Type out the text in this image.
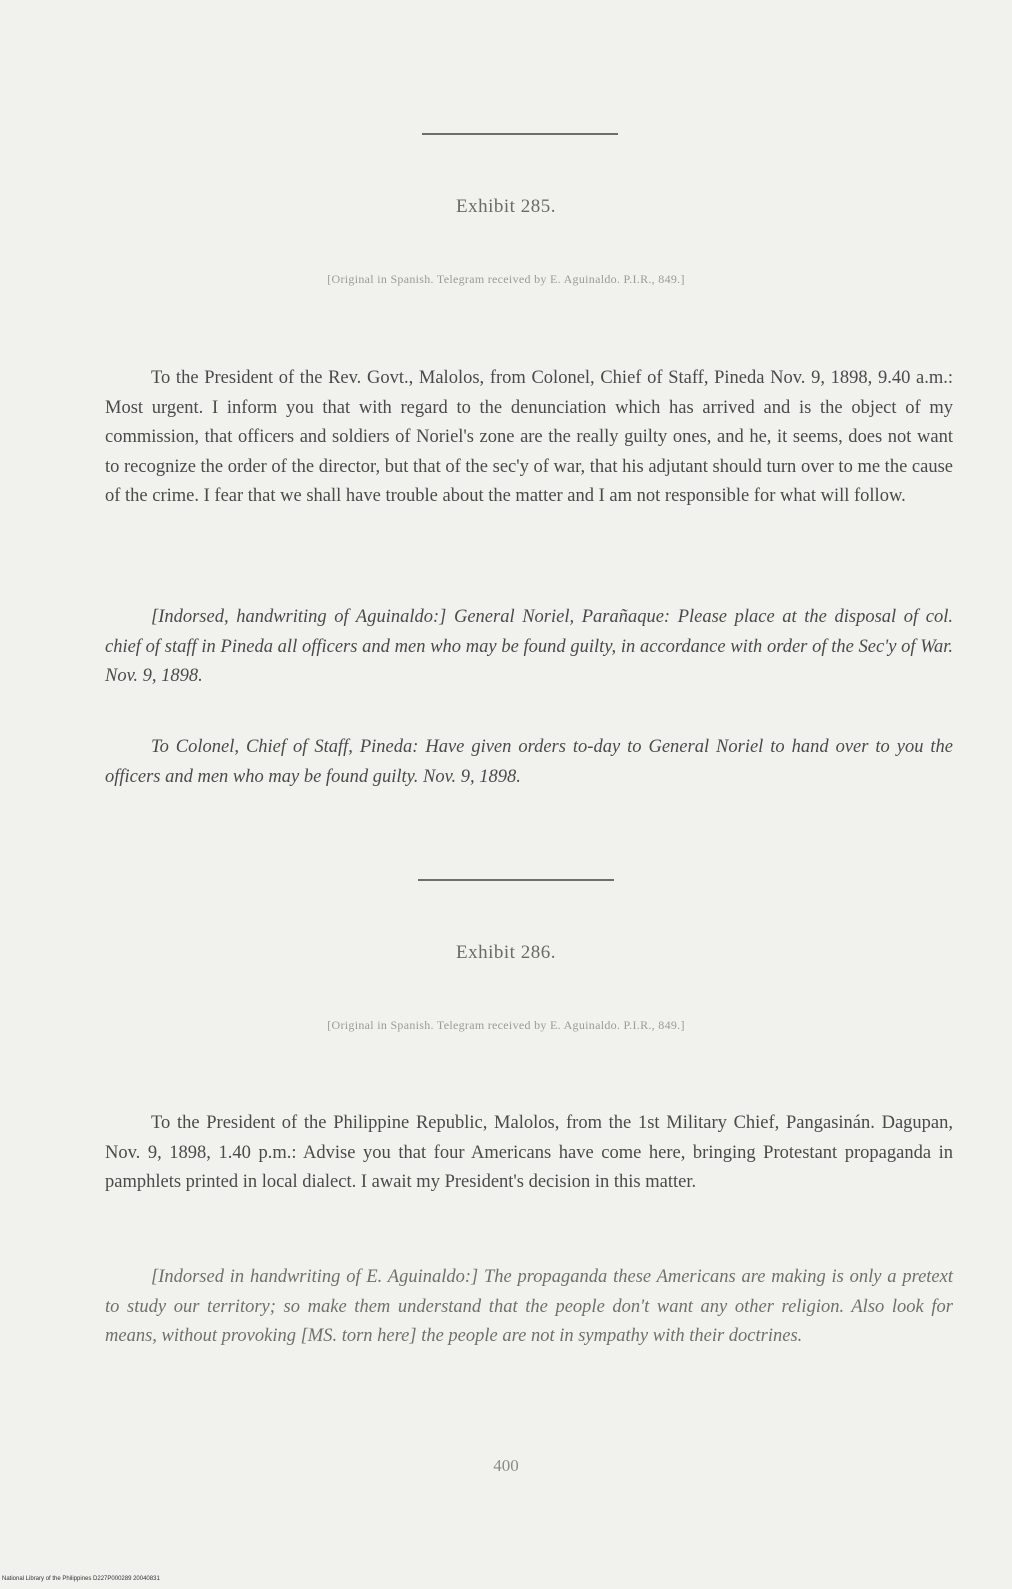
Exhibit 285.
[Original in Spanish. Telegram received by E. Aguinaldo. P.I.R., 849.]

To the President of the Rev. Govt., Malolos, from Colonel, Chief of Staff, Pineda Nov. 9, 1898, 9.40 a.m.: Most urgent. I inform you that with regard to the denunciation which has arrived and is the object of my commission, that officers and soldiers of Noriel's zone are the really guilty ones, and he, it seems, does not want to recognize the order of the director, but that of the sec'y of war, that his adjutant should turn over to me the cause of the crime. I fear that we shall have trouble about the matter and I am not responsible for what will follow.

[Indorsed, handwriting of Aguinaldo:] General Noriel, Parañaque: Please place at the disposal of col. chief of staff in Pineda all officers and men who may be found guilty, in accordance with order of the Sec'y of War. Nov. 9, 1898.

To Colonel, Chief of Staff, Pineda: Have given orders to-day to General Noriel to hand over to you the officers and men who may be found guilty. Nov. 9, 1898.

Exhibit 286.
[Original in Spanish. Telegram received by E. Aguinaldo. P.I.R., 849.]

To the President of the Philippine Republic, Malolos, from the 1st Military Chief, Pangasinán. Dagupan, Nov. 9, 1898, 1.40 p.m.: Advise you that four Americans have come here, bringing Protestant propaganda in pamphlets printed in local dialect. I await my President's decision in this matter.

[Indorsed in handwriting of E. Aguinaldo:] The propaganda these Americans are making is only a pretext to study our territory; so make them understand that the people don't want any other religion. Also look for means, without provoking [MS. torn here] the people are not in sympathy with their doctrines.

400
National Library of the Philippines D227P000289 20040831
